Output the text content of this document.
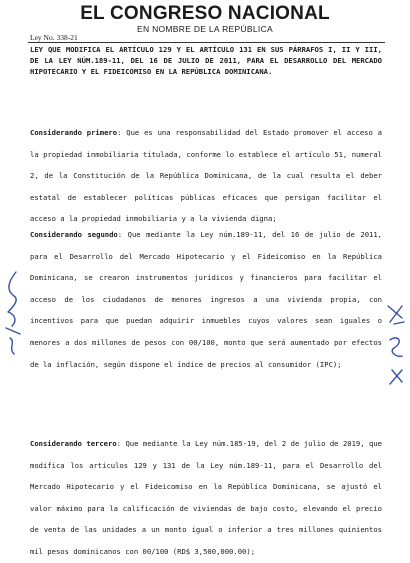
EL CONGRESO NACIONAL
EN NOMBRE DE LA REPÚBLICA
Ley No. 338-21
LEY QUE MODIFICA EL ARTÍCULO 129 Y EL ARTÍCULO 131 EN SUS PÁRRAFOS I, II Y III, DE LA LEY NÚM.189-11, DEL 16 DE JULIO DE 2011, PARA EL DESARROLLO DEL MERCADO HIPOTECARIO Y EL FIDEICOMISO EN LA REPÚBLICA DOMINICANA.
Considerando primero: Que es una responsabilidad del Estado promover el acceso a la propiedad inmobiliaria titulada, conforme lo establece el artículo 51, numeral 2, de la Constitución de la República Dominicana, de la cual resulta el deber estatal de establecer políticas públicas eficaces que persigan facilitar el acceso a la propiedad inmobiliaria y a la vivienda digna;
Considerando segundo: Que mediante la Ley núm.189-11, del 16 de julio de 2011, para el Desarrollo del Mercado Hipotecario y el Fideicomiso en la República Dominicana, se crearon instrumentos jurídicos y financieros para facilitar el acceso de los ciudadanos de menores ingresos a una vivienda propia, con incentivos para que puedan adquirir inmuebles cuyos valores sean iguales o menores a dos millones de pesos con 00/100, monto que será aumentado por efectos de la inflación, según dispone el índice de precios al consumidor (IPC);
Considerando tercero: Que mediante la Ley núm.185-19, del 2 de julio de 2019, que modifica los artículos 129 y 131 de la Ley núm.189-11, para el Desarrollo del Mercado Hipotecario y el Fideicomiso en la República Dominicana, se ajustó el valor máximo para la calificación de viviendas de bajo costo, elevando el precio de venta de las unidades a un monto igual o inferior a tres millones quinientos mil pesos dominicanos con 00/100 (RD$ 3,500,000.00);
